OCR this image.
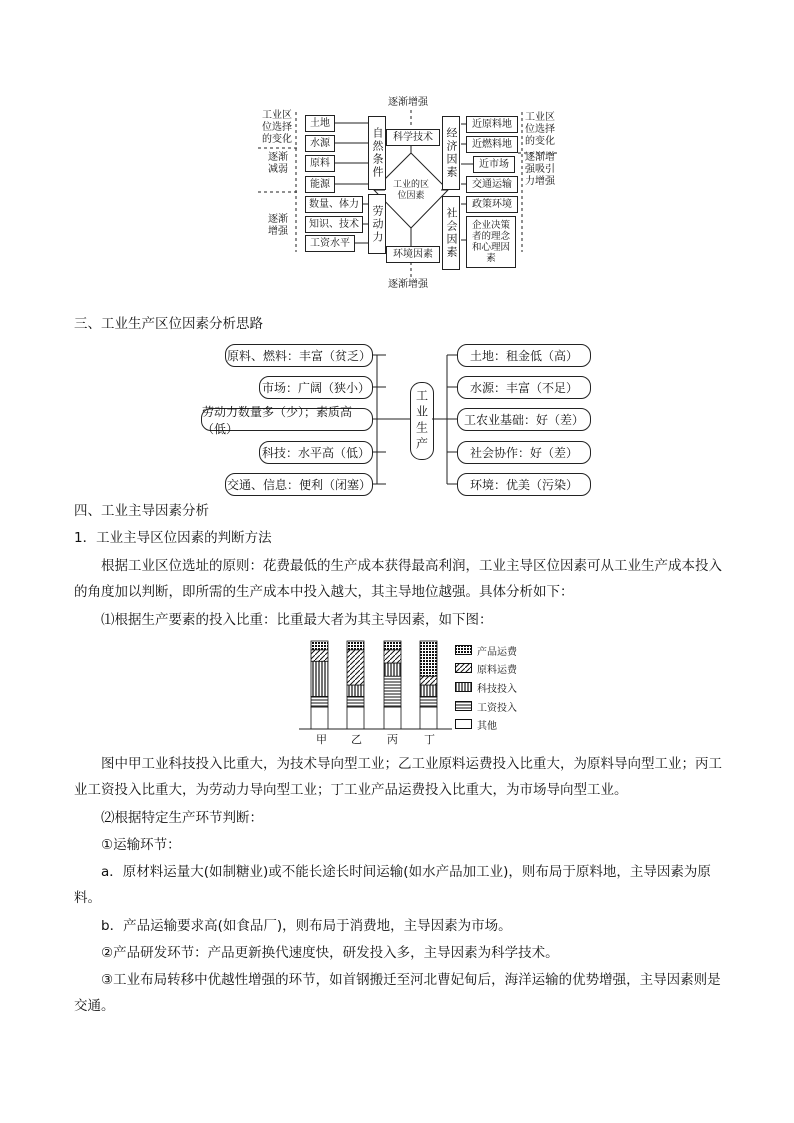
逐渐增强
逐渐增强
工业区位选择的变化
逐渐减弱
逐渐增强
工业区位选择的变化
逐渐增强吸引力增强
土地
水源
原料
能源
数量、体力
知识、技术
工资水平
自然条件
劳动力
科学技术
环境因素
工业的区位因素
经济因素
社会因素
近原料地
近燃料地
近市场
交通运输
政策环境
企业决策者的理念和心理因素
三、工业生产区位因素分析思路
原料、燃料：丰富（贫乏）
市场：广阔（狭小）
劳动力数量多（少）；素质高（低）
科技：水平高（低）
交通、信息：便利（闭塞）
工业生产
土地：租金低（高）
水源：丰富（不足）
工农业基础：好（差）
社会协作：好（差）
环境：优美（污染）
四、工业主导因素分析
1．工业主导区位因素的判断方法
根据工业区位选址的原则：花费最低的生产成本获得最高利润，工业主导区位因素可从工业生产成本投入的角度加以判断，即所需的生产成本中投入越大，其主导地位越强。具体分析如下：
⑴根据生产要素的投入比重：比重最大者为其主导因素，如下图：
甲 乙 丙 丁
产品运费
原料运费
科技投入
工资投入
其他
图中甲工业科技投入比重大，为技术导向型工业；乙工业原料运费投入比重大，为原料导向型工业；丙工业工资投入比重大，为劳动力导向型工业；丁工业产品运费投入比重大，为市场导向型工业。
⑵根据特定生产环节判断：
①运输环节：
a．原材料运量大(如制糖业)或不能长途长时间运输(如水产品加工业)，则布局于原料地，主导因素为原料。
b．产品运输要求高(如食品厂)，则布局于消费地，主导因素为市场。
②产品研发环节：产品更新换代速度快，研发投入多，主导因素为科学技术。
③工业布局转移中优越性增强的环节，如首钢搬迁至河北曹妃甸后，海洋运输的优势增强，主导因素则是交通。
